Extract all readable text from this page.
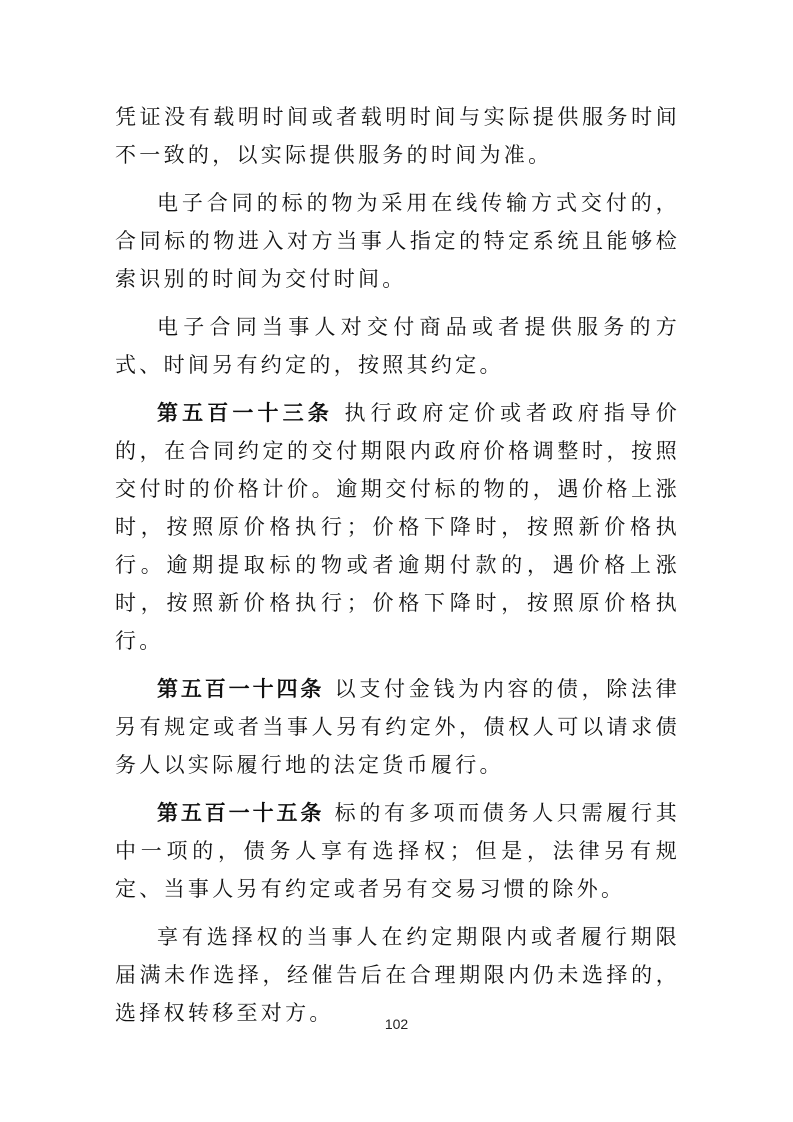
凭证没有载明时间或者载明时间与实际提供服务时间不一致的，以实际提供服务的时间为准。

电子合同的标的物为采用在线传输方式交付的，合同标的物进入对方当事人指定的特定系统且能够检索识别的时间为交付时间。

电子合同当事人对交付商品或者提供服务的方式、时间另有约定的，按照其约定。

第五百一十三条 执行政府定价或者政府指导价的，在合同约定的交付期限内政府价格调整时，按照交付时的价格计价。逾期交付标的物的，遇价格上涨时，按照原价格执行；价格下降时，按照新价格执行。逾期提取标的物或者逾期付款的，遇价格上涨时，按照新价格执行；价格下降时，按照原价格执行。

第五百一十四条 以支付金钱为内容的债，除法律另有规定或者当事人另有约定外，债权人可以请求债务人以实际履行地的法定货币履行。

第五百一十五条 标的有多项而债务人只需履行其中一项的，债务人享有选择权；但是，法律另有规定、当事人另有约定或者另有交易习惯的除外。

享有选择权的当事人在约定期限内或者履行期限届满未作选择，经催告后在合理期限内仍未选择的，选择权转移至对方。	102
